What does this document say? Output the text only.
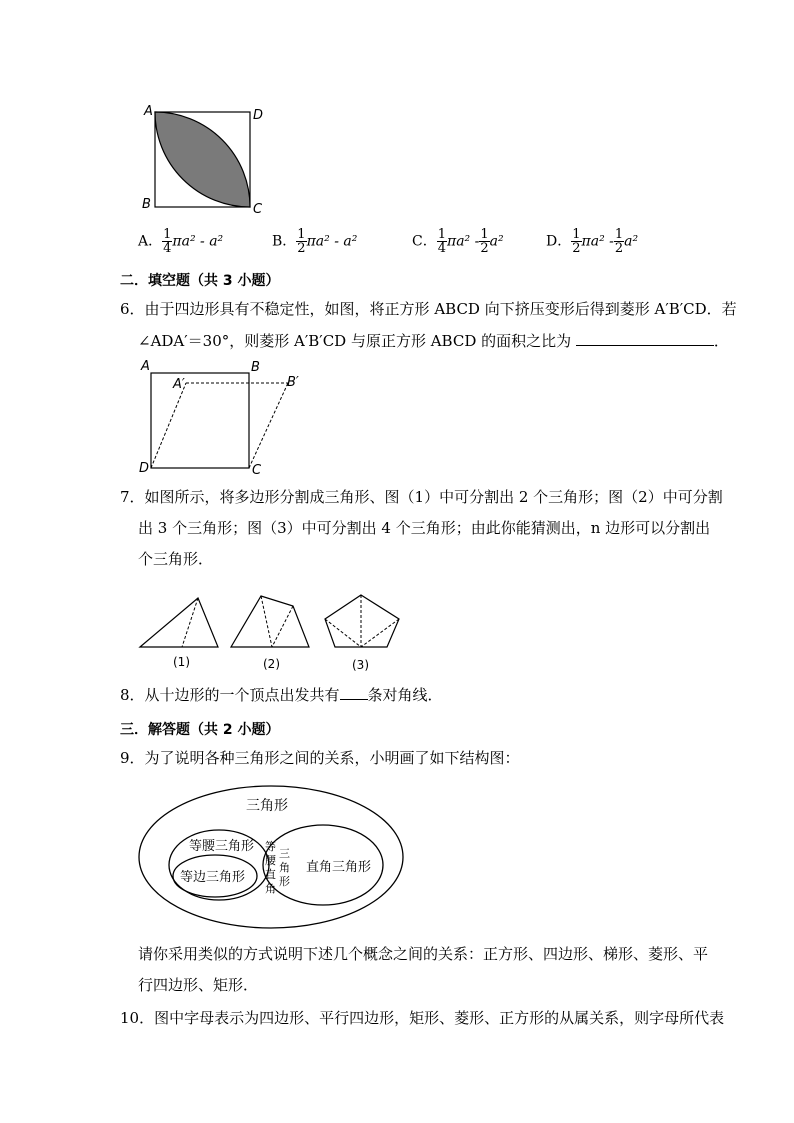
A	D
B	C
A． $\frac{1}{4} \pi a^2 - a^2$	B． $\frac{1}{2} \pi a^2 - a^2$	C． $\frac{1}{4} \pi a^2 - \frac{1}{2} a^2$	D． $\frac{1}{2} \pi a^2 - \frac{1}{2} a^2$
二．填空题（共 3 小题）
6．由于四边形具有不稳定性，如图，将正方形 ABCD 向下挤压变形后得到菱形 A′B′CD．若
∠ADA′＝30°，则菱形 A′B′CD 与原正方形 ABCD 的面积之比为	．
A	B
A′	B′
D	C
7．如图所示，将多边形分割成三角形、图（1）中可分割出 2 个三角形；图（2）中可分割
出 3 个三角形；图（3）中可分割出 4 个三角形；由此你能猜测出，n 边形可以分割出
个三角形．
(1)	(2)	(3)
8．从十边形的一个顶点出发共有 条对角线．
三．解答题（共 2 小题）
9．为了说明各种三角形之间的关系，小明画了如下结构图：
三角形
等腰三角形
等边三角形
直角三角形
等
腰
直
角
三
角
形
请你采用类似的方式说明下述几个概念之间的关系：正方形、四边形、梯形、菱形、平
行四边形、矩形．
10．图中字母表示为四边形、平行四边形，矩形、菱形、正方形的从属关系，则字母所代表
